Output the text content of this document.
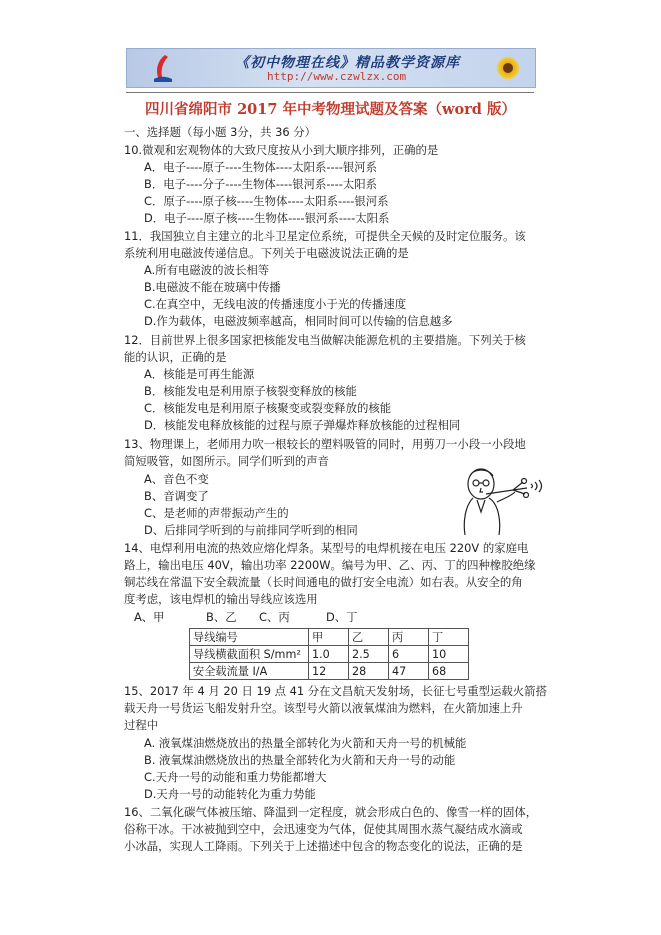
《初中物理在线》精品教学资源库
http://www.czwlzx.com
四川省绵阳市 2017 年中考物理试题及答案（word 版）
一、选择题（每小题 3分，共 36 分）
10.微观和宏观物体的大致尺度按从小到大顺序排列，正确的是
A．电子----原子----生物体----太阳系----银河系
B．电子----分子----生物体----银河系----太阳系
C．原子----原子核----生物体----太阳系----银河系
D．电子----原子核----生物体----银河系----太阳系
11．我国独立自主建立的北斗卫星定位系统，可提供全天候的及时定位服务。该
系统利用电磁波传递信息。下列关于电磁波说法正确的是
A.所有电磁波的波长相等
B.电磁波不能在玻璃中传播
C.在真空中，无线电波的传播速度小于光的传播速度
D.作为载体，电磁波频率越高，相同时间可以传输的信息越多
12．目前世界上很多国家把核能发电当做解决能源危机的主要措施。下列关于核
能的认识，正确的是
A．核能是可再生能源
B．核能发电是利用原子核裂变释放的核能
C．核能发电是利用原子核聚变或裂变释放的核能
D．核能发电释放核能的过程与原子弹爆炸释放核能的过程相同
13、物理课上，老师用力吹一根较长的塑料吸管的同时，用剪刀一小段一小段地
简短吸管，如图所示。同学们听到的声音
A、音色不变
B、音调变了
C、是老师的声带振动产生的
D、后排同学听到的与前排同学听到的相同
14、电焊利用电流的热效应熔化焊条。某型号的电焊机接在电压 220V 的家庭电
路上，输出电压 40V，输出功率 2200W。编号为甲、乙、丙、丁的四种橡胶绝缘
铜芯线在常温下安全载流量（长时间通电的做打安全电流）如右表。从安全的角
度考虑，该电焊机的输出导线应该选用
A、甲	B、乙 C、丙	D、丁
导线编号	甲	乙	丙	丁
导线横截面积 S/mm²	1.0	2.5	6	10
安全载流量 I/A	12	28	47	68
15、2017 年 4 月 20 日 19 点 41 分在文昌航天发射场，长征七号重型运载火箭搭
载天舟一号货运飞船发射升空。该型号火箭以液氧煤油为燃料，在火箭加速上升
过程中
A. 液氧煤油燃烧放出的热量全部转化为火箭和天舟一号的机械能
B. 液氧煤油燃烧放出的热量全部转化为火箭和天舟一号的动能
C.天舟一号的动能和重力势能都增大
D.天舟一号的动能转化为重力势能
16、二氧化碳气体被压缩、降温到一定程度，就会形成白色的、像雪一样的固体，
俗称干冰。干冰被抛到空中，会迅速变为气体，促使其周围水蒸气凝结成水滴或
小冰晶，实现人工降雨。下列关于上述描述中包含的物态变化的说法，正确的是
